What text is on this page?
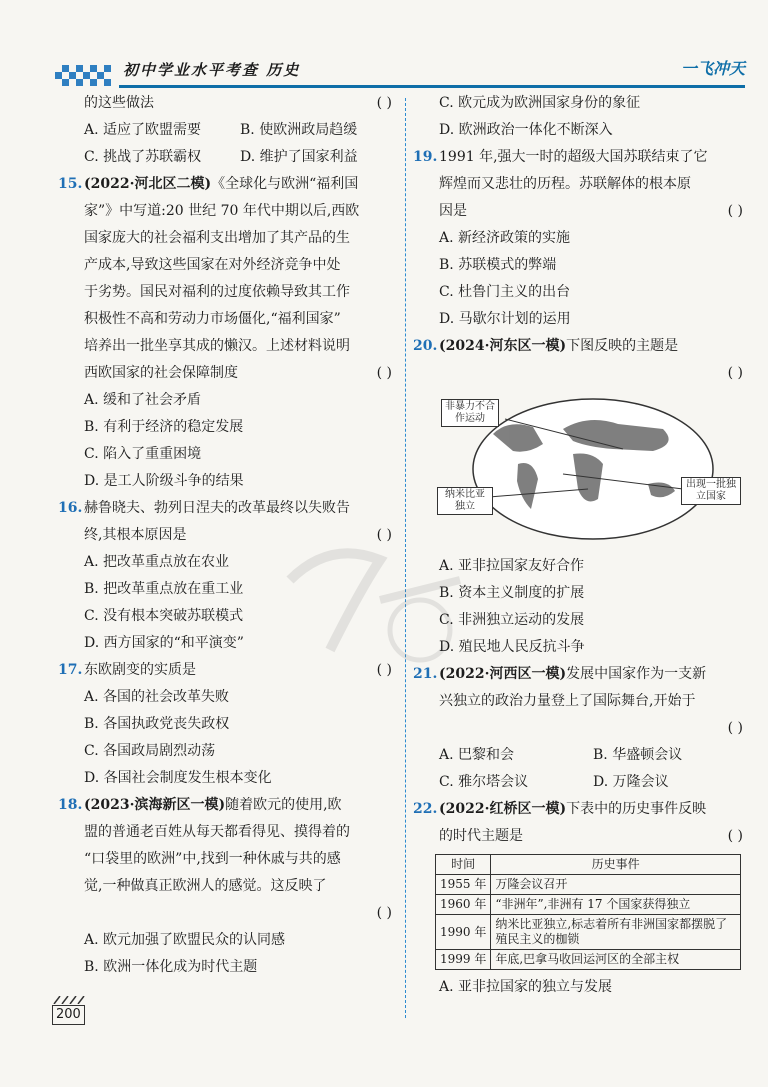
初中学业水平考查 历史	一飞冲天
的这些做法	( )
A. 适应了欧盟需要	B. 使欧洲政局趋缓
C. 挑战了苏联霸权	D. 维护了国家利益
15. (2022·河北区二模) 《全球化与欧洲“福利国
家”》中写道:20 世纪 70 年代中期以后,西欧
国家庞大的社会福利支出增加了其产品的生
产成本,导致这些国家在对外经济竞争中处
于劣势。国民对福利的过度依赖导致其工作
积极性不高和劳动力市场僵化,“福利国家”
培养出一批坐享其成的懒汉。上述材料说明
西欧国家的社会保障制度	( )
A. 缓和了社会矛盾
B. 有利于经济的稳定发展
C. 陷入了重重困境
D. 是工人阶级斗争的结果
16. 赫鲁晓夫、勃列日涅夫的改革最终以失败告
终,其根本原因是	( )
A. 把改革重点放在农业
B. 把改革重点放在重工业
C. 没有根本突破苏联模式
D. 西方国家的“和平演变”
17. 东欧剧变的实质是	( )
A. 各国的社会改革失败
B. 各国执政党丧失政权
C. 各国政局剧烈动荡
D. 各国社会制度发生根本变化
18. (2023·滨海新区一模) 随着欧元的使用,欧
盟的普通老百姓从每天都看得见、摸得着的
“口袋里的欧洲”中,找到一种休戚与共的感
觉,一种做真正欧洲人的感觉。这反映了
( )
A. 欧元加强了欧盟民众的认同感
B. 欧洲一体化成为时代主题
C. 欧元成为欧洲国家身份的象征
D. 欧洲政治一体化不断深入
19. 1991 年,强大一时的超级大国苏联结束了它
辉煌而又悲壮的历程。苏联解体的根本原
因是	( )
A. 新经济政策的实施
B. 苏联模式的弊端
C. 杜鲁门主义的出台
D. 马歇尔计划的运用
20. (2024·河东区一模) 下图反映的主题是
( )
非暴力不合作运动
纳米比亚独立
出现一批独立国家
A. 亚非拉国家友好合作
B. 资本主义制度的扩展
C. 非洲独立运动的发展
D. 殖民地人民反抗斗争
21. (2022·河西区一模) 发展中国家作为一支新
兴独立的政治力量登上了国际舞台,开始于
( )
A. 巴黎和会	B. 华盛顿会议
C. 雅尔塔会议	D. 万隆会议
22. (2022·红桥区一模) 下表中的历史事件反映
的时代主题是	( )
时间	历史事件
1955 年	万隆会议召开
1960 年	“非洲年”,非洲有 17 个国家获得独立
1990 年	纳米比亚独立,标志着所有非洲国家都摆脱了殖民主义的枷锁
1999 年	年底,巴拿马收回运河区的全部主权
A. 亚非拉国家的独立与发展
200
